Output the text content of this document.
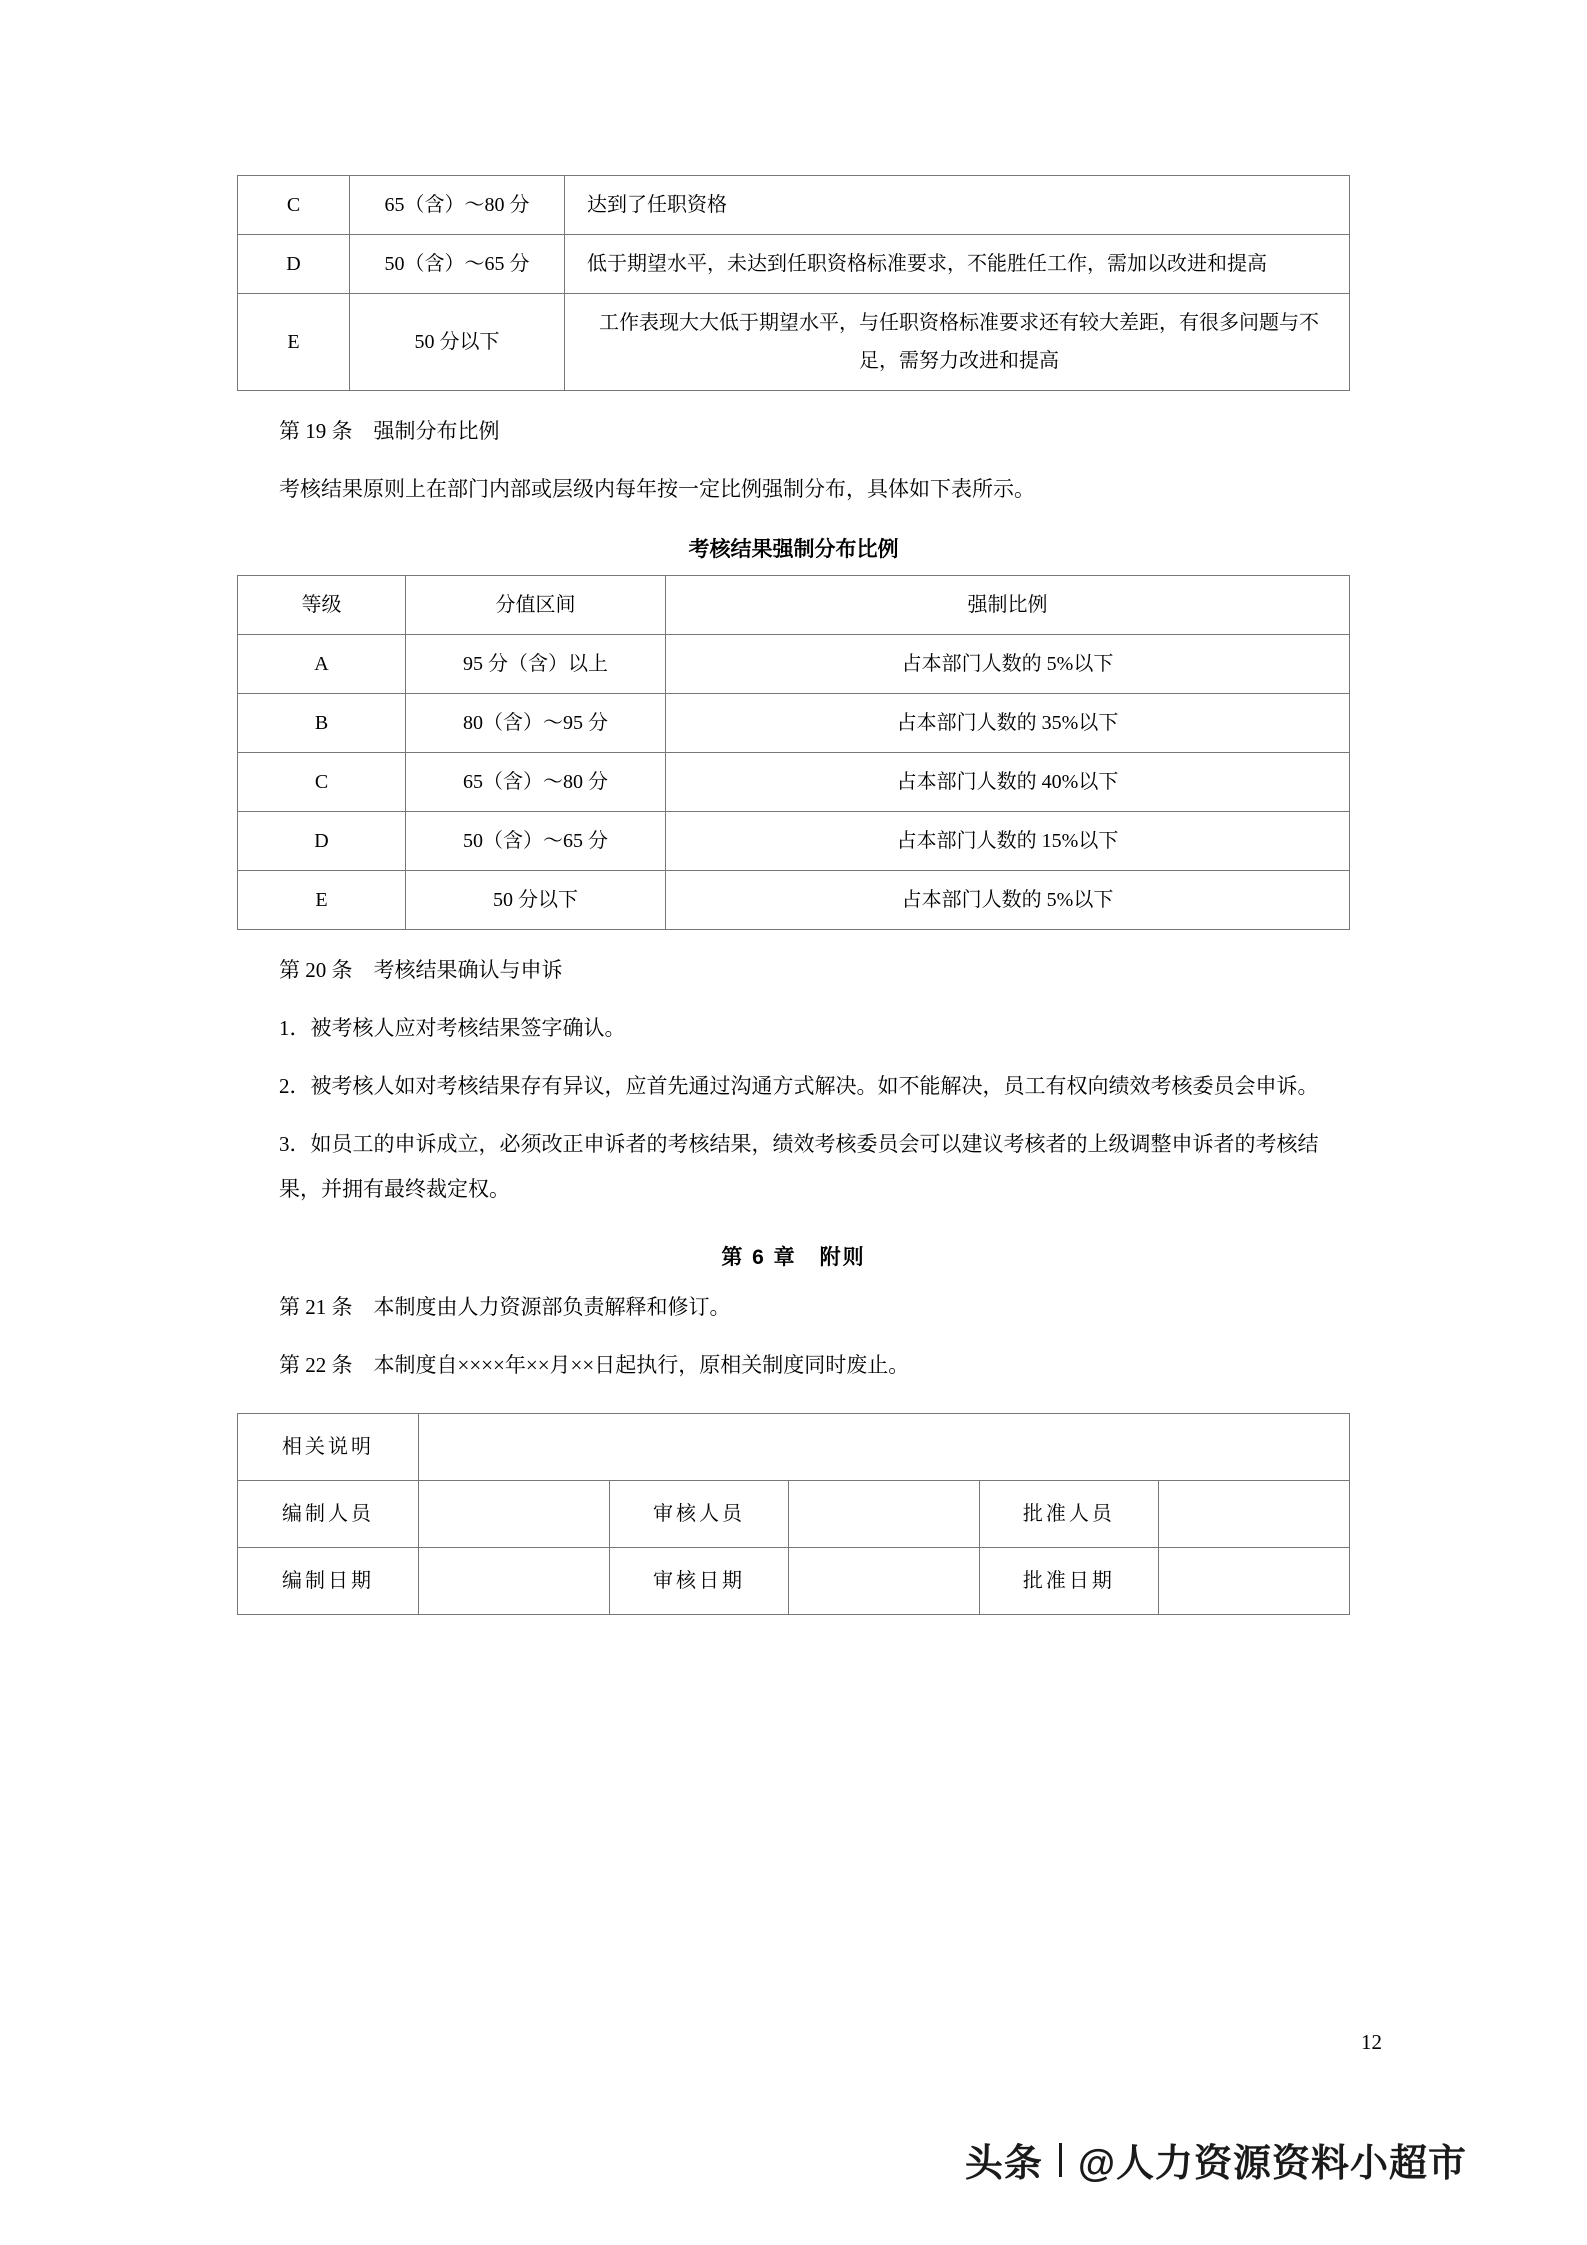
C	65（含）～80 分	达到了任职资格
D	50（含）～65 分	低于期望水平，未达到任职资格标准要求，不能胜任工作，需加以改进和提高
E	50 分以下	工作表现大大低于期望水平，与任职资格标准要求还有较大差距，有很多问题与不足，需努力改进和提高
第 19 条　强制分布比例

考核结果原则上在部门内部或层级内每年按一定比例强制分布，具体如下表所示。

考核结果强制分布比例
等级	分值区间	强制比例
A	95 分（含）以上	占本部门人数的 5%以下
B	80（含）～95 分	占本部门人数的 35%以下
C	65（含）～80 分	占本部门人数的 40%以下
D	50（含）～65 分	占本部门人数的 15%以下
E	50 分以下	占本部门人数的 5%以下
第 20 条　考核结果确认与申诉

1．被考核人应对考核结果签字确认。

2．被考核人如对考核结果存有异议，应首先通过沟通方式解决。如不能解决，员工有权向绩效考核委员会申诉。

3．如员工的申诉成立，必须改正申诉者的考核结果，绩效考核委员会可以建议考核者的上级调整申诉者的考核结果，并拥有最终裁定权。

第 6 章　附则

第 21 条　本制度由人力资源部负责解释和修订。

第 22 条　本制度自××××年××月××日起执行，原相关制度同时废止。

相关说明					
编制人员		审核人员		批准人员	
编制日期		审核日期		批准日期	
12
头条 @人力资源资料小超市
